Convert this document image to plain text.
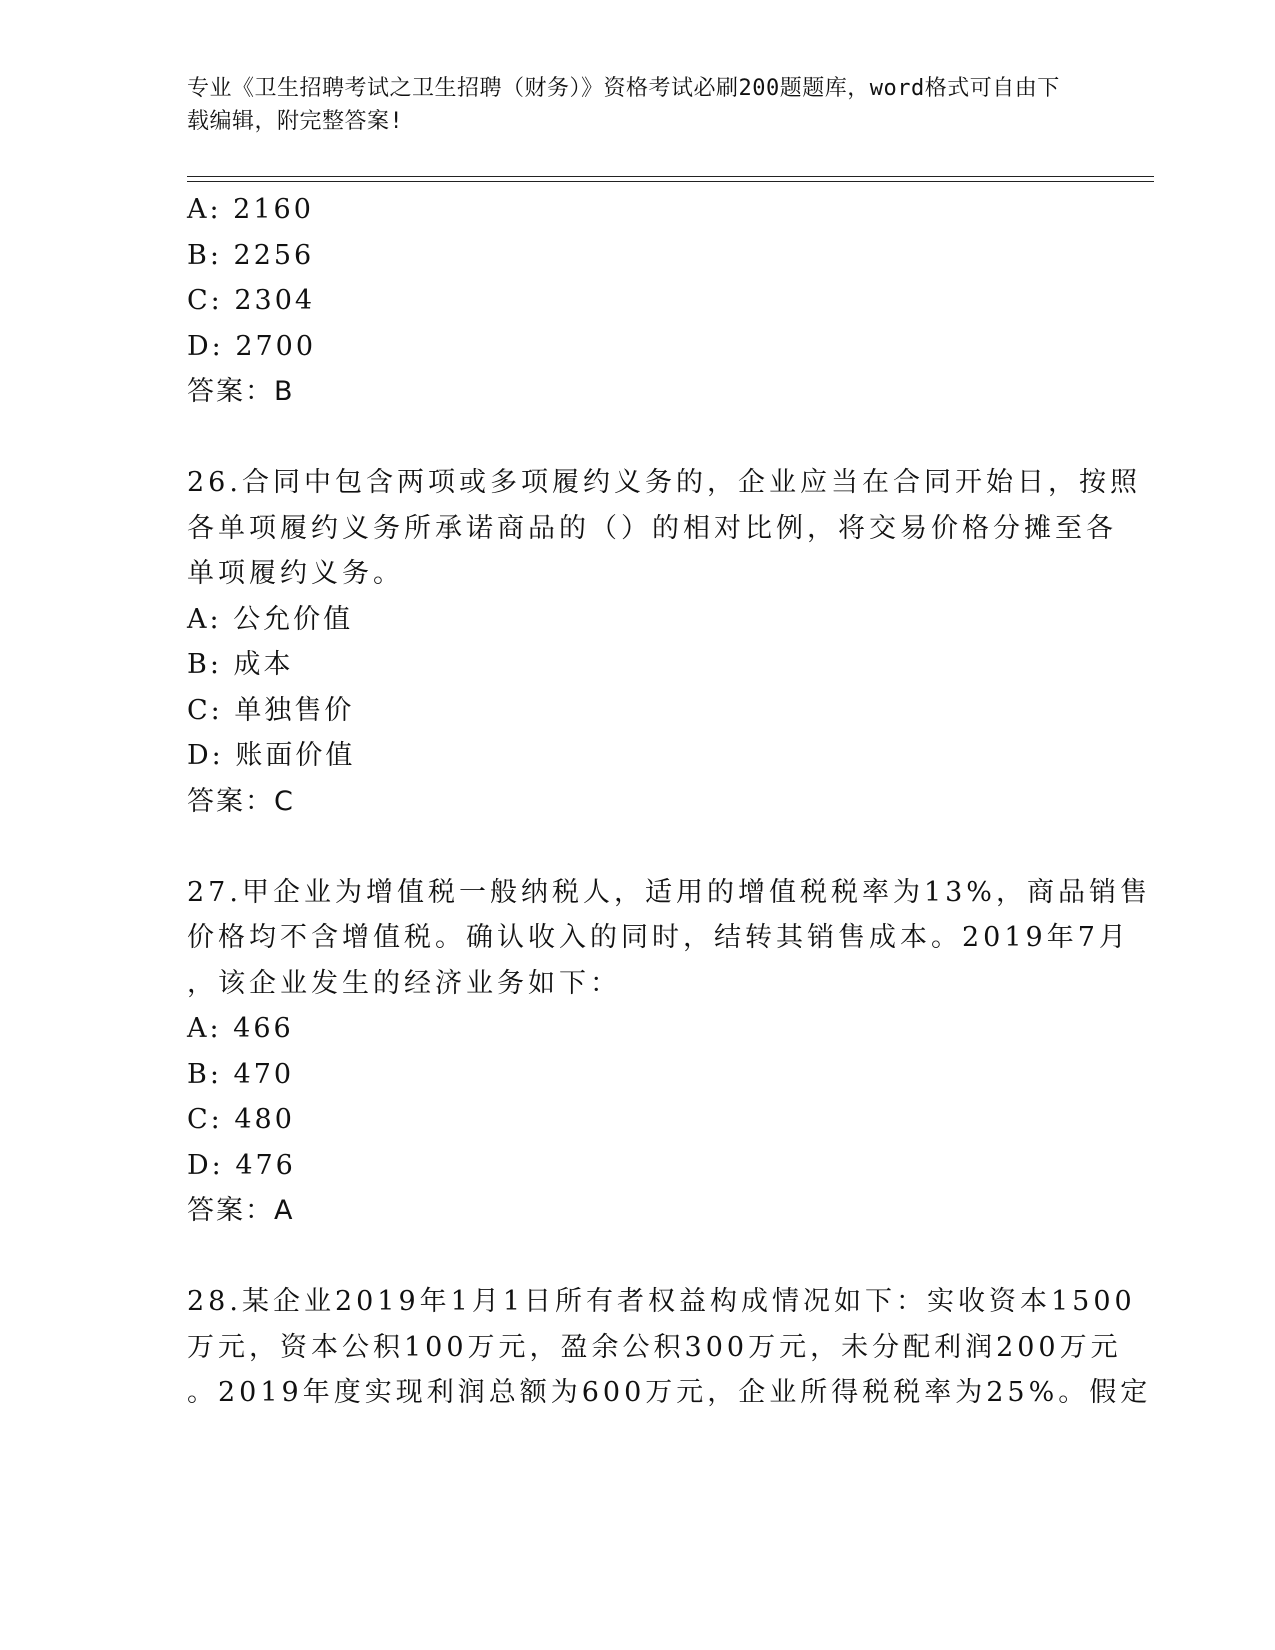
专业《卫生招聘考试之卫生招聘（财务）》资格考试必刷200题题库，word格式可自由下载编辑，附完整答案!
A: 2160
B: 2256
C: 2304
D: 2700
答案：B
26.合同中包含两项或多项履约义务的，企业应当在合同开始日，按照
各单项履约义务所承诺商品的（）的相对比例，将交易价格分摊至各
单项履约义务。
A: 公允价值
B: 成本
C: 单独售价
D: 账面价值
答案：C
27.甲企业为增值税一般纳税人，适用的增值税税率为13%，商品销售
价格均不含增值税。确认收入的同时，结转其销售成本。2019年7月
，该企业发生的经济业务如下：
A: 466
B: 470
C: 480
D: 476
答案：A
28.某企业2019年1月1日所有者权益构成情况如下：实收资本1500
万元，资本公积100万元，盈余公积300万元，未分配利润200万元
。2019年度实现利润总额为600万元，企业所得税税率为25%。假定
